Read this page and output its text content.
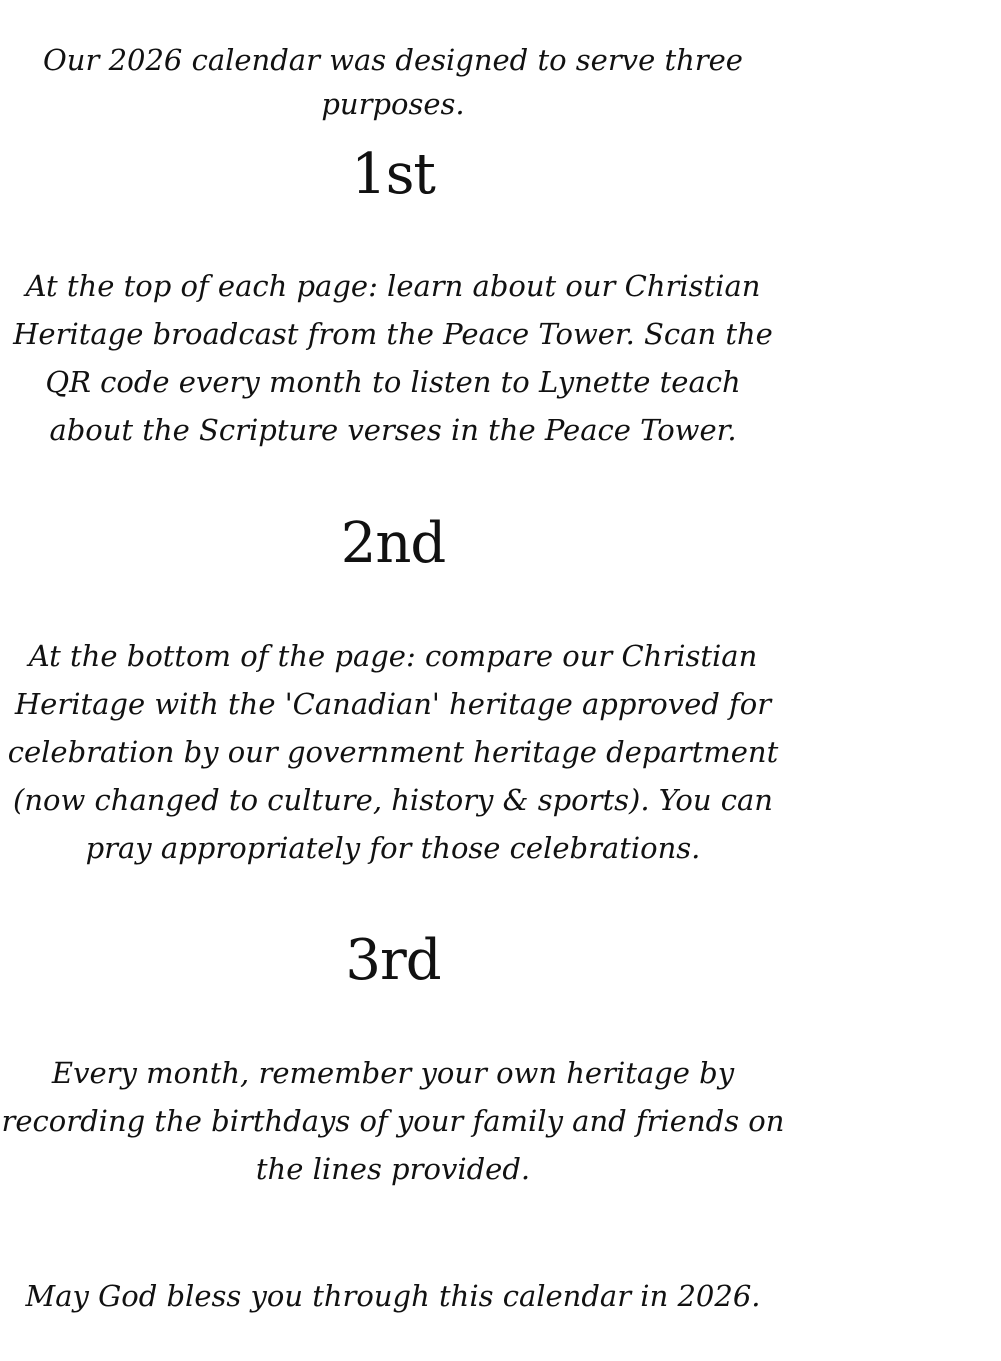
Our 2026 calendar was designed to serve three purposes.
1st
At the top of each page: learn about our Christian Heritage broadcast from the Peace Tower. Scan the QR code every month to listen to Lynette teach about the Scripture verses in the Peace Tower.
2nd
At the bottom of the page: compare our Christian Heritage with the 'Canadian' heritage approved for celebration by our government heritage department (now changed to culture, history & sports). You can pray appropriately for those celebrations.
3rd
Every month, remember your own heritage by recording the birthdays of your family and friends on the lines provided.
May God bless you through this calendar in 2026.
